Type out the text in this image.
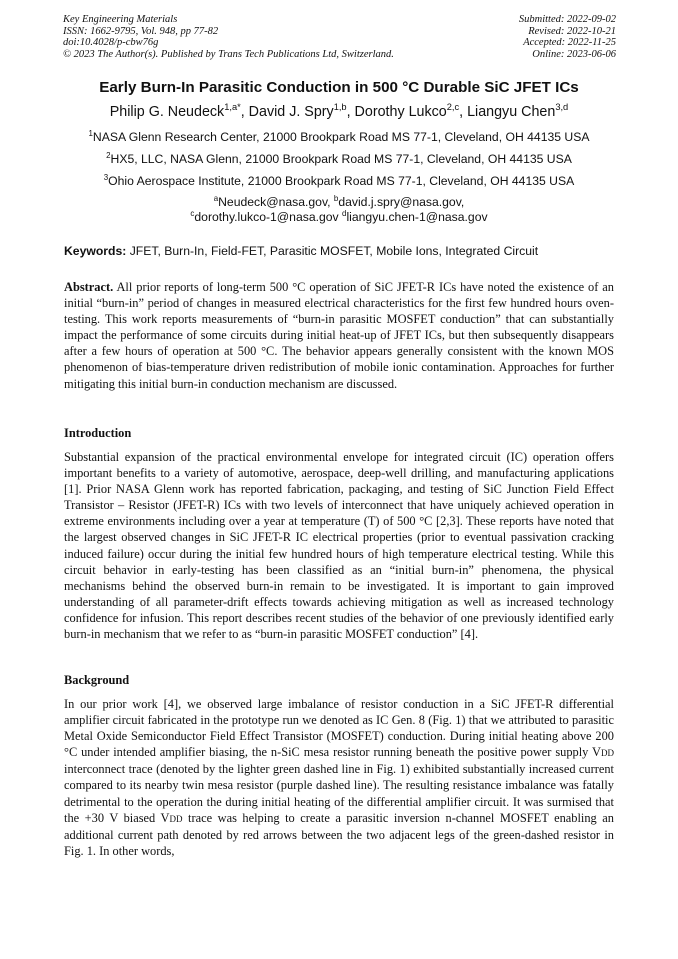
Key Engineering Materials
ISSN: 1662-9795, Vol. 948, pp 77-82
doi:10.4028/p-cbw76g
© 2023 The Author(s). Published by Trans Tech Publications Ltd, Switzerland.
Submitted: 2022-09-02
Revised: 2022-10-21
Accepted: 2022-11-25
Online: 2023-06-06
Early Burn-In Parasitic Conduction in 500 °C Durable SiC JFET ICs
Philip G. Neudeck$^{1,a*}$, David J. Spry$^{1,b}$, Dorothy Lukco$^{2,c}$, Liangyu Chen$^{3,d}$
$^1$NASA Glenn Research Center, 21000 Brookpark Road MS 77-1, Cleveland, OH 44135 USA
$^2$HX5, LLC, NASA Glenn, 21000 Brookpark Road MS 77-1, Cleveland, OH 44135 USA
$^3$Ohio Aerospace Institute, 21000 Brookpark Road MS 77-1, Cleveland, OH 44135 USA
$^a$Neudeck@nasa.gov, $^b$david.j.spry@nasa.gov,
$^c$dorothy.lukco-1@nasa.gov $^d$liangyu.chen-1@nasa.gov
Keywords: JFET, Burn-In, Field-FET, Parasitic MOSFET, Mobile Ions, Integrated Circuit
Abstract. All prior reports of long-term 500 °C operation of SiC JFET-R ICs have noted the existence of an initial “burn-in” period of changes in measured electrical characteristics for the first few hundred hours oven-testing. This work reports measurements of “burn-in parasitic MOSFET conduction” that can substantially impact the performance of some circuits during initial heat-up of JFET ICs, but then subsequently disappears after a few hours of operation at 500 °C. The behavior appears generally consistent with the known MOS phenomenon of bias-temperature driven redistribution of mobile ionic contamination. Approaches for further mitigating this initial burn-in conduction mechanism are discussed.
Introduction
Substantial expansion of the practical environmental envelope for integrated circuit (IC) operation offers important benefits to a variety of automotive, aerospace, deep-well drilling, and manufacturing applications [1]. Prior NASA Glenn work has reported fabrication, packaging, and testing of SiC Junction Field Effect Transistor – Resistor (JFET-R) ICs with two levels of interconnect that have uniquely achieved operation in extreme environments including over a year at temperature (T) of 500 °C [2,3]. These reports have noted that the largest observed changes in SiC JFET-R IC electrical properties (prior to eventual passivation cracking induced failure) occur during the initial few hundred hours of high temperature electrical testing. While this circuit behavior in early-testing has been classified as an “initial burn-in” phenomena, the physical mechanisms behind the observed burn-in remain to be investigated. It is important to gain improved understanding of all parameter-drift effects towards achieving mitigation as well as increased technology confidence for infusion. This report describes recent studies of the behavior of one previously identified early burn-in mechanism that we refer to as “burn-in parasitic MOSFET conduction” [4].
Background
In our prior work [4], we observed large imbalance of resistor conduction in a SiC JFET-R differential amplifier circuit fabricated in the prototype run we denoted as IC Gen. 8 (Fig. 1) that we attributed to parasitic Metal Oxide Semiconductor Field Effect Transistor (MOSFET) conduction. During initial heating above 200 °C under intended amplifier biasing, the n-SiC mesa resistor running beneath the positive power supply VDD interconnect trace (denoted by the lighter green dashed line in Fig. 1) exhibited substantially increased current compared to its nearby twin mesa resistor (purple dashed line). The resulting resistance imbalance was fatally detrimental to the operation the during initial heating of the differential amplifier circuit. It was surmised that the +30 V biased VDD trace was helping to create a parasitic inversion n-channel MOSFET enabling an additional current path denoted by red arrows between the two adjacent legs of the green-dashed resistor in Fig. 1. In other words,
